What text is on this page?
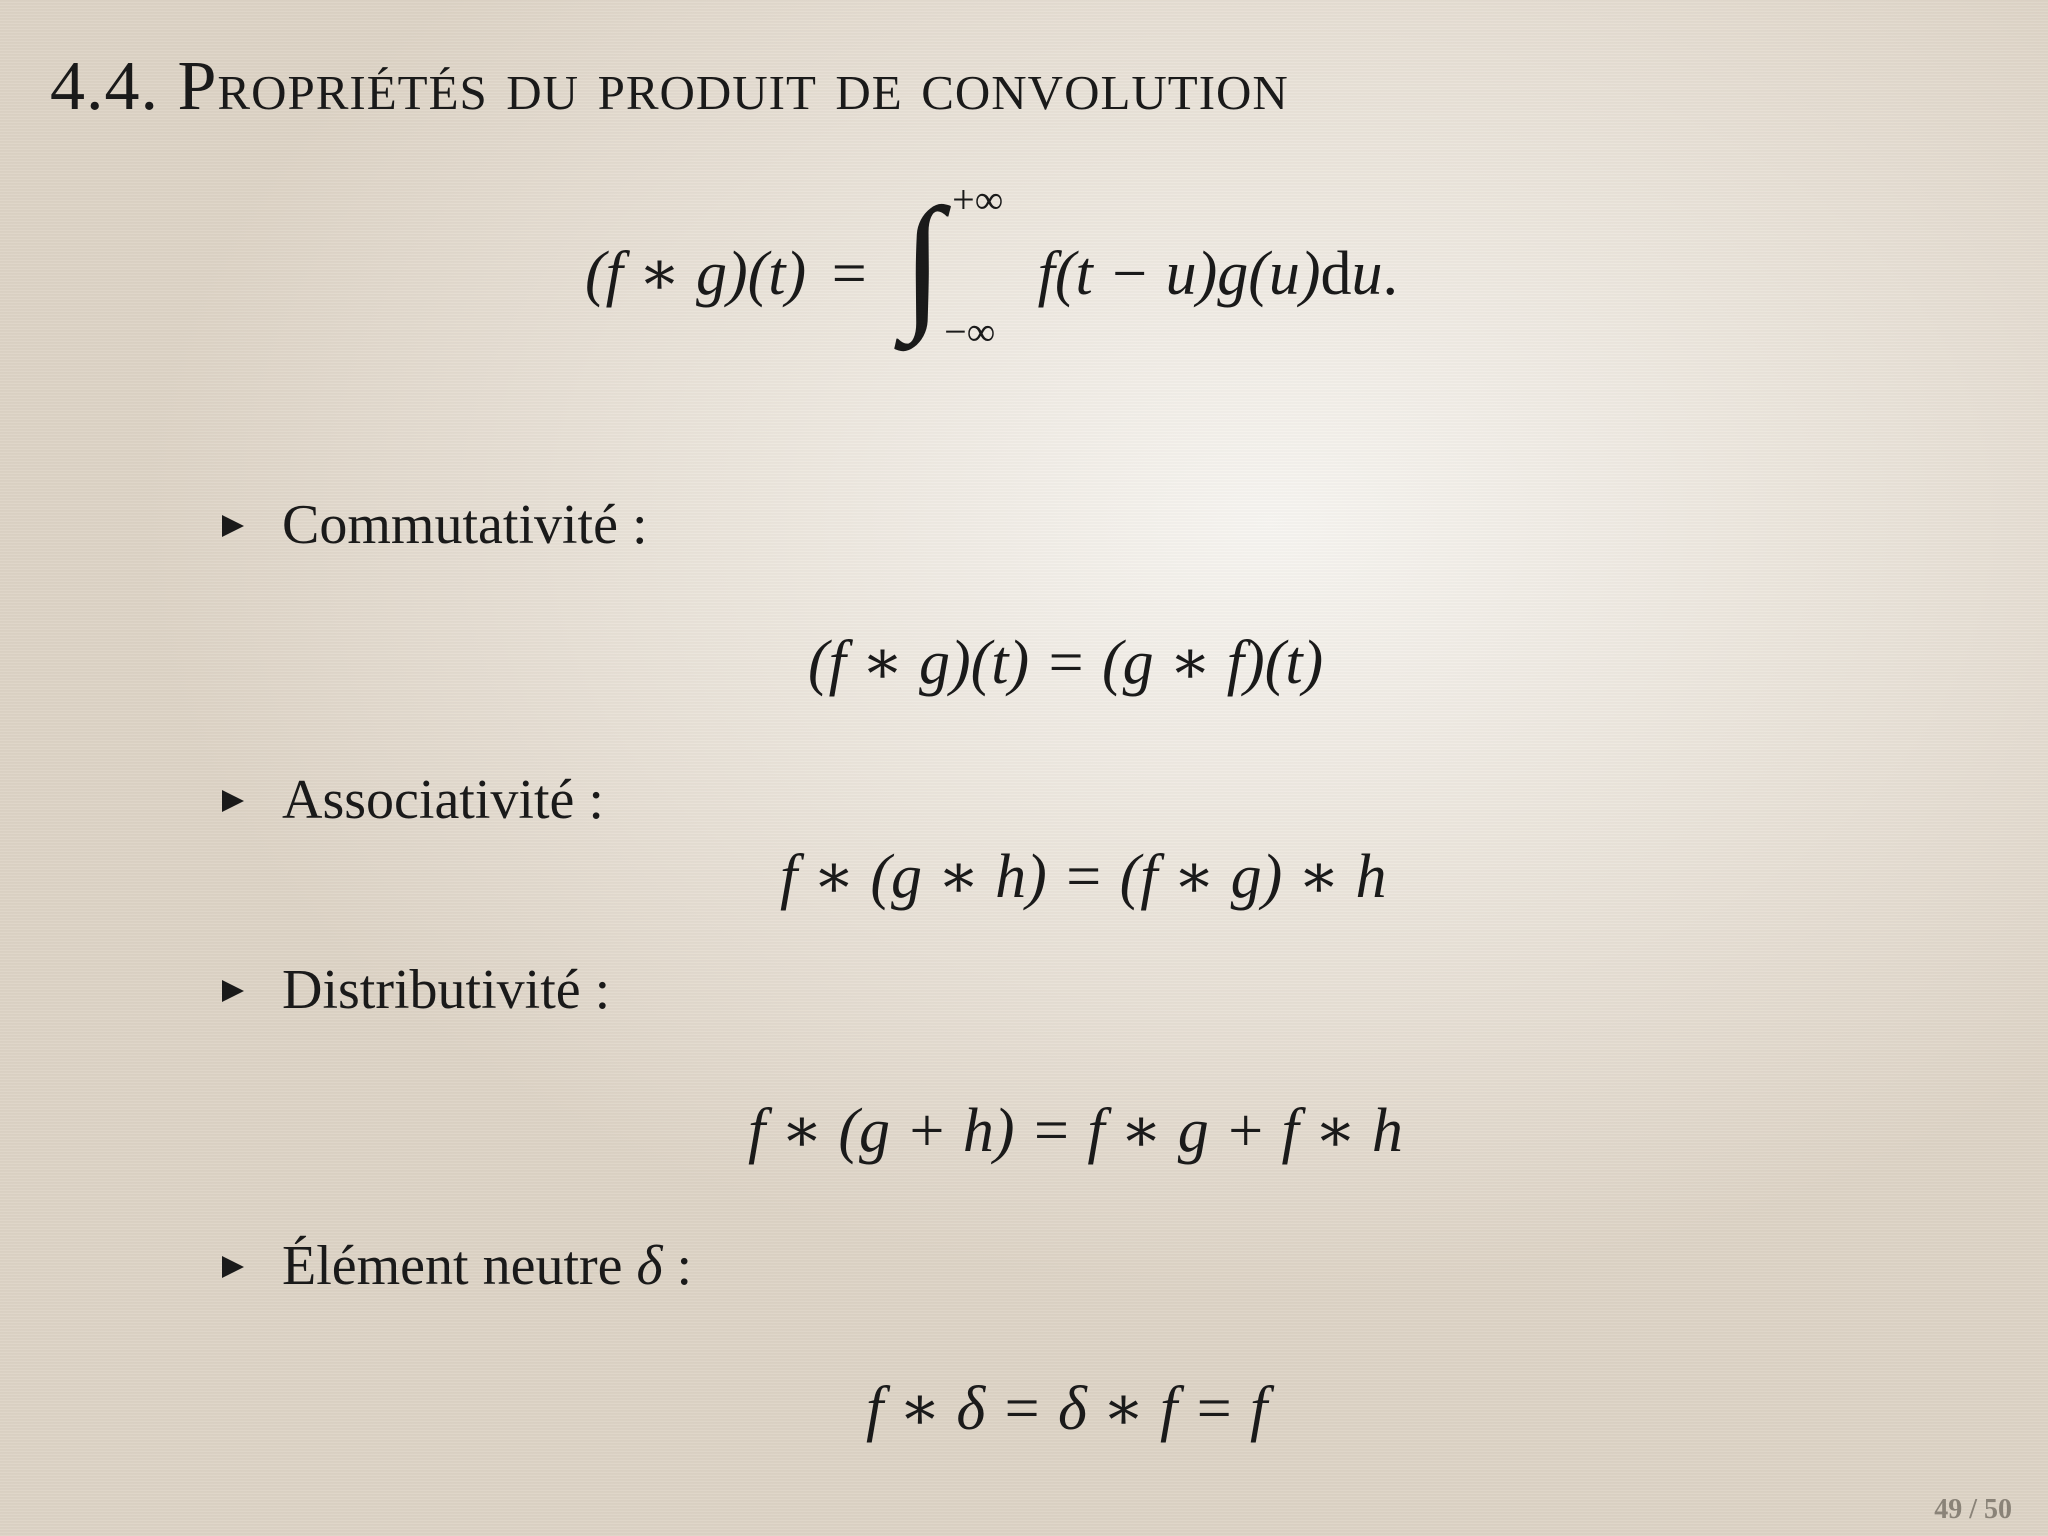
4.4. Propriétés du produit de convolution
(f ∗ g)(t) = ∫ +∞
−∞
f(t − u)g(u)du.
Commutativité :
(f ∗ g)(t) = (g ∗ f)(t)
Associativité :
f ∗ (g ∗ h) = (f ∗ g) ∗ h
Distributivité :
f ∗ (g + h) = f ∗ g + f ∗ h
Élément neutre δ :
f ∗ δ = δ ∗ f = f
49 / 50
